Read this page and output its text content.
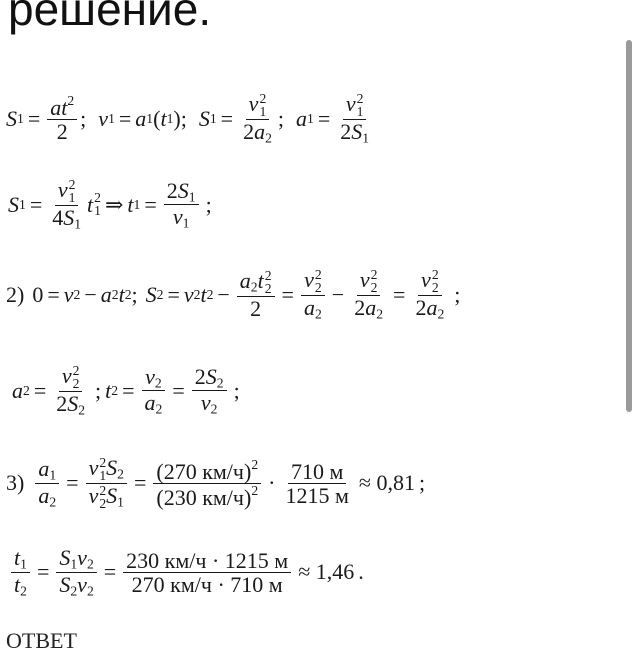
решение.
S $1 = \frac{at^2}{2}$ ; v 1 = a 1 ( t 1 ); S 1 = v 2
1
$2a_2$ ; a 1 = v 2
1
$2S_1$
S 1 = v 2
1
$4S_1$ t 2
1 ⇒ t $1 = \frac{2S_1}{v_1}$ ;
2) 0 = v 2 − a 2 t 2 ; S 2 = v 2 t $2 - a_2t$ 2
2
2 = v 2
2
$a_2 - v$ 2
2
$2a_2 = v$ 2
2
$2a_2$ ;
a 2 = v 2
2
$2S_2$ ; t $2 = \frac{v_2}{a_2} = \frac{2S_2}{v_2}$ ;
$3) \frac{a_1}{a_2} = v$ 2
1 $S_2$
v 2
2 $S_1 = \frac{(270 км/ч)^2}{(230 км/ч)^2} \cdot \frac{710 м}{1215 м} \approx 0,81$ ;
$\frac{t_1}{t_2} = \frac{S_1v_2}{S_2v_2} = \frac{230 км/ч \cdot 1215 м}{270 км/ч \cdot 710 м} \approx 1,46$ .
ОТВЕТ
